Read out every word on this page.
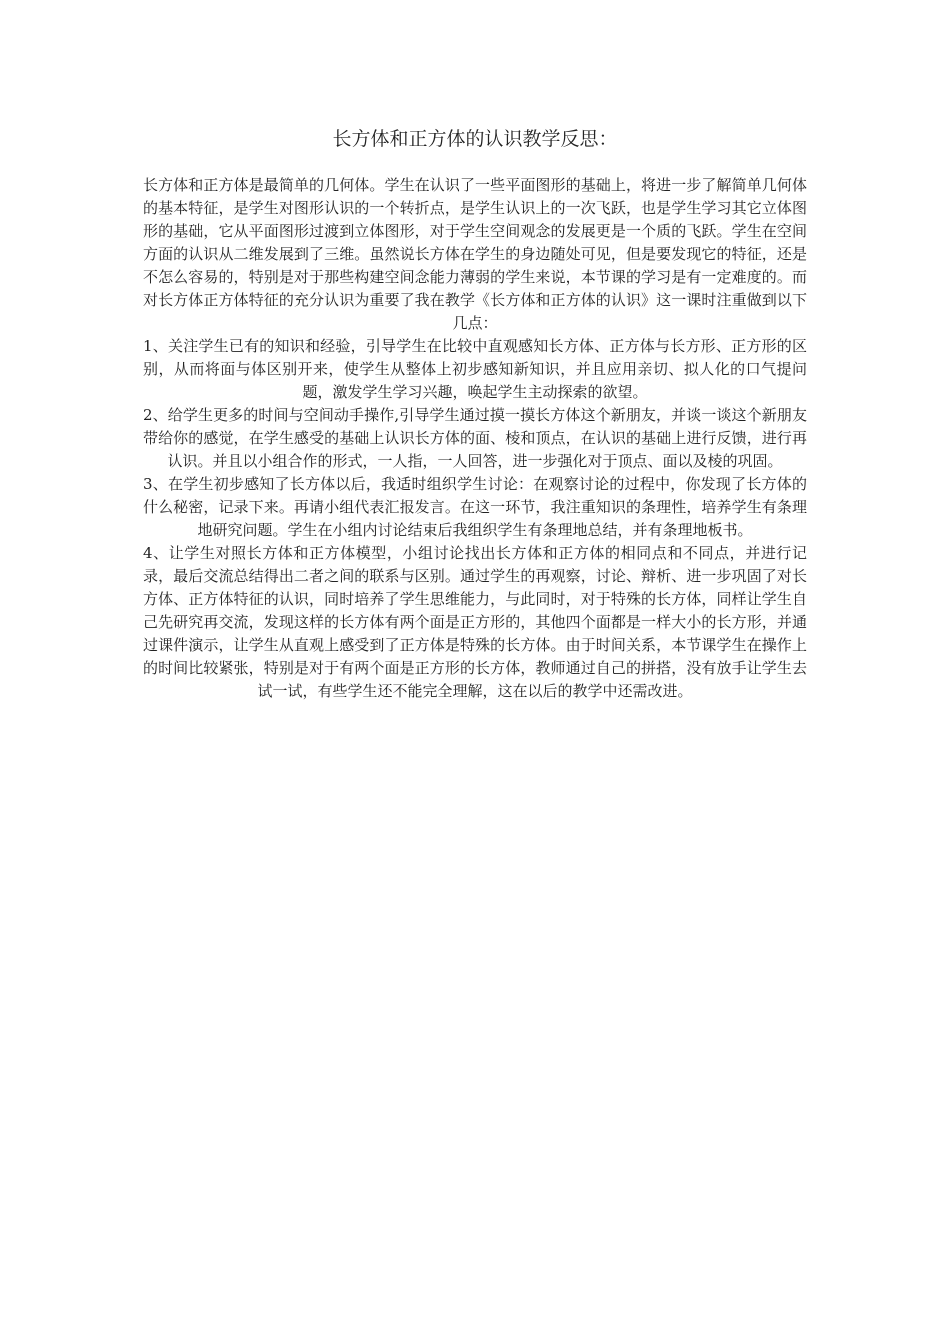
长方体和正方体的认识教学反思：

长方体和正方体是最简单的几何体。学生在认识了一些平面图形的基础上，将进一步了解简单几何体的基本特征，是学生对图形认识的一个转折点，是学生认识上的一次飞跃，也是学生学习其它立体图形的基础，它从平面图形过渡到立体图形，对于学生空间观念的发展更是一个质的飞跃。学生在空间方面的认识从二维发展到了三维。虽然说长方体在学生的身边随处可见，但是要发现它的特征，还是不怎么容易的，特别是对于那些构建空间念能力薄弱的学生来说，本节课的学习是有一定难度的。而对长方体正方体特征的充分认识为重要了我在教学《长方体和正方体的认识》这一课时注重做到以下几点：

1、关注学生已有的知识和经验，引导学生在比较中直观感知长方体、正方体与长方形、正方形的区别，从而将面与体区别开来，使学生从整体上初步感知新知识，并且应用亲切、拟人化的口气提问题，激发学生学习兴趣，唤起学生主动探索的欲望。

2、给学生更多的时间与空间动手操作,引导学生通过摸一摸长方体这个新朋友，并谈一谈这个新朋友带给你的感觉，在学生感受的基础上认识长方体的面、棱和顶点，在认识的基础上进行反馈，进行再认识。并且以小组合作的形式，一人指，一人回答，进一步强化对于顶点、面以及棱的巩固。

3、在学生初步感知了长方体以后，我适时组织学生讨论：在观察讨论的过程中，你发现了长方体的什么秘密，记录下来。再请小组代表汇报发言。在这一环节，我注重知识的条理性，培养学生有条理地研究问题。学生在小组内讨论结束后我组织学生有条理地总结，并有条理地板书。

4、让学生对照长方体和正方体模型，小组讨论找出长方体和正方体的相同点和不同点，并进行记录，最后交流总结得出二者之间的联系与区别。通过学生的再观察，讨论、辩析、进一步巩固了对长方体、正方体特征的认识，同时培养了学生思维能力，与此同时，对于特殊的长方体，同样让学生自己先研究再交流，发现这样的长方体有两个面是正方形的，其他四个面都是一样大小的长方形，并通过课件演示，让学生从直观上感受到了正方体是特殊的长方体。由于时间关系，本节课学生在操作上的时间比较紧张，特别是对于有两个面是正方形的长方体，教师通过自己的拼搭，没有放手让学生去试一试，有些学生还不能完全理解，这在以后的教学中还需改进。
